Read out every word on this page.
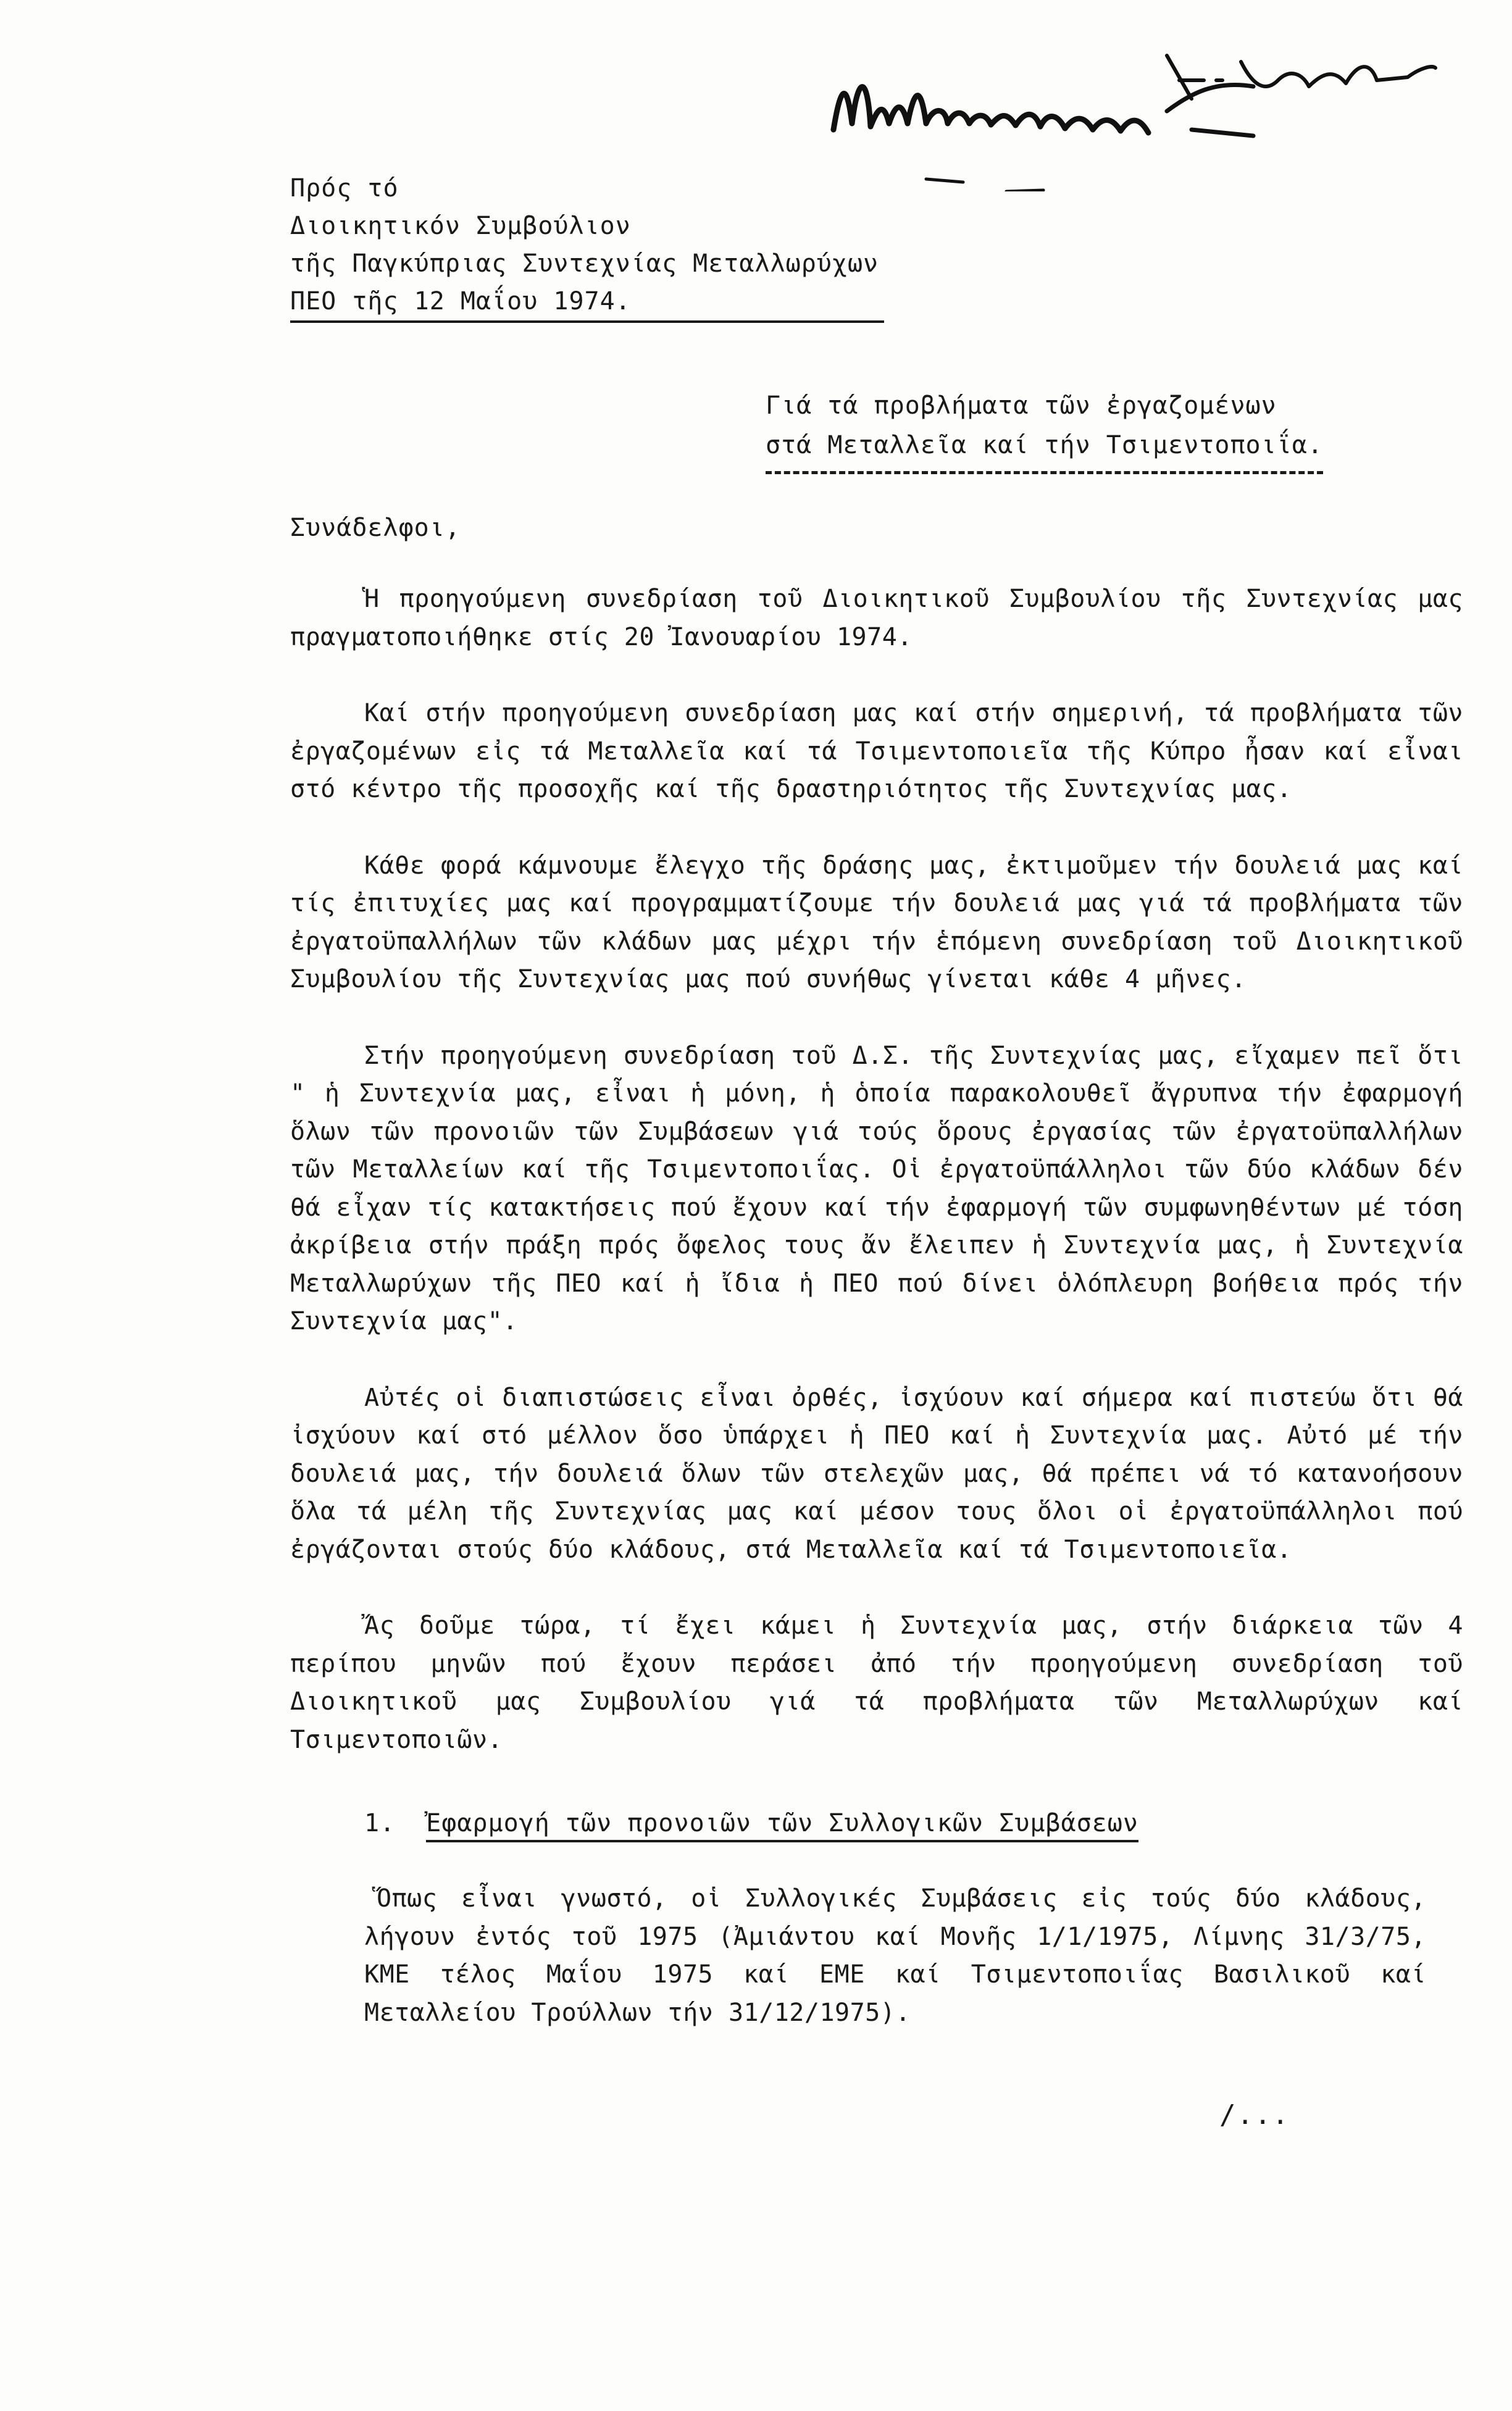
Πρός τό
Διοικητικόν Συμβούλιον
τῆς Παγκύπριας Συντεχνίας Μεταλλωρύχων
ΠΕΟ τῆς 12 Μαΐου 1974.
Γιά τά προβλήματα τῶν ἐργαζομένων
στά Μεταλλεῖα καί τήν Τσιμεντοποιΐα.
Συνάδελφοι,

Ἡ προηγούμενη συνεδρίαση τοῦ Διοικητικοῦ Συμβουλίου τῆς Συντεχνίας μας πραγματοποιήθηκε στίς 20 Ἰανουαρίου 1974.

Καί στήν προηγούμενη συνεδρίαση μας καί στήν σημερινή, τά προβλήματα τῶν ἐργαζομένων εἰς τά Μεταλλεῖα καί τά Τσιμεντοποιεῖα τῆς Κύπρο ἦσαν καί εἶναι στό κέντρο τῆς προσοχῆς καί τῆς δραστηριότητος τῆς Συντεχνίας μας.

Κάθε φορά κάμνουμε ἔλεγχο τῆς δράσης μας, ἐκτιμοῦμεν τήν δουλειά μας καί τίς ἐπιτυχίες μας καί προγραμματίζουμε τήν δουλειά μας γιά τά προβλήματα τῶν ἐργατοϋπαλλήλων τῶν κλάδων μας μέχρι τήν ἑπόμενη συνεδρίαση τοῦ Διοικητικοῦ Συμβουλίου τῆς Συντεχνίας μας πού συνήθως γίνεται κάθε 4 μῆνες.

Στήν προηγούμενη συνεδρίαση τοῦ Δ.Σ. τῆς Συντεχνίας μας, εἴχαμεν πεῖ ὅτι " ἡ Συντεχνία μας, εἶναι ἡ μόνη, ἡ ὁποία παρακολουθεῖ ἄγρυπνα τήν ἐφαρμογή ὅλων τῶν προνοιῶν τῶν Συμβάσεων γιά τούς ὅρους ἐργασίας τῶν ἐργατοϋπαλλήλων τῶν Μεταλλείων καί τῆς Τσιμεντοποιΐας. Οἱ ἐργατοϋπάλληλοι τῶν δύο κλάδων δέν θά εἶχαν τίς κατακτήσεις πού ἔχουν καί τήν ἐφαρμογή τῶν συμφωνηθέντων μέ τόση ἀκρίβεια στήν πράξη πρός ὄφελος τους ἄν ἔλειπεν ἡ Συντεχνία μας, ἡ Συντεχνία Μεταλλωρύχων τῆς ΠΕΟ καί ἡ ἴδια ἡ ΠΕΟ πού δίνει ὁλόπλευρη βοήθεια πρός τήν Συντεχνία μας".

Αὐτές οἱ διαπιστώσεις εἶναι ὀρθές, ἰσχύουν καί σήμερα καί πιστεύω ὅτι θά ἰσχύουν καί στό μέλλον ὅσο ὑπάρχει ἡ ΠΕΟ καί ἡ Συντεχνία μας. Αὐτό μέ τήν δουλειά μας, τήν δουλειά ὅλων τῶν στελεχῶν μας, θά πρέπει νά τό κατανοήσουν ὅλα τά μέλη τῆς Συντεχνίας μας καί μέσον τους ὅλοι οἱ ἐργατοϋπάλληλοι πού ἐργάζονται στούς δύο κλάδους, στά Μεταλλεῖα καί τά Τσιμεντοποιεῖα.

Ἄς δοῦμε τώρα, τί ἔχει κάμει ἡ Συντεχνία μας, στήν διάρκεια τῶν 4 περίπου μηνῶν πού ἔχουν περάσει ἀπό τήν προηγούμενη συνεδρίαση τοῦ Διοικητικοῦ μας Συμβουλίου γιά τά προβλήματα τῶν Μεταλλωρύχων καί Τσιμεντοποιῶν.

1. Ἐφαρμογή τῶν προνοιῶν τῶν Συλλογικῶν Συμβάσεων
Ὅπως εἶναι γνωστό, οἱ Συλλογικές Συμβάσεις εἰς τούς δύο κλάδους, λήγουν ἐντός τοῦ 1975 (Ἀμιάντου καί Μονῆς 1/1/1975, Λίμνης 31/3/75, ΚΜΕ τέλος Μαΐου 1975 καί ΕΜΕ καί Τσιμεντοποιΐας Βασιλικοῦ καί Μεταλλείου Τρούλλων τήν 31/12/1975).
/...
